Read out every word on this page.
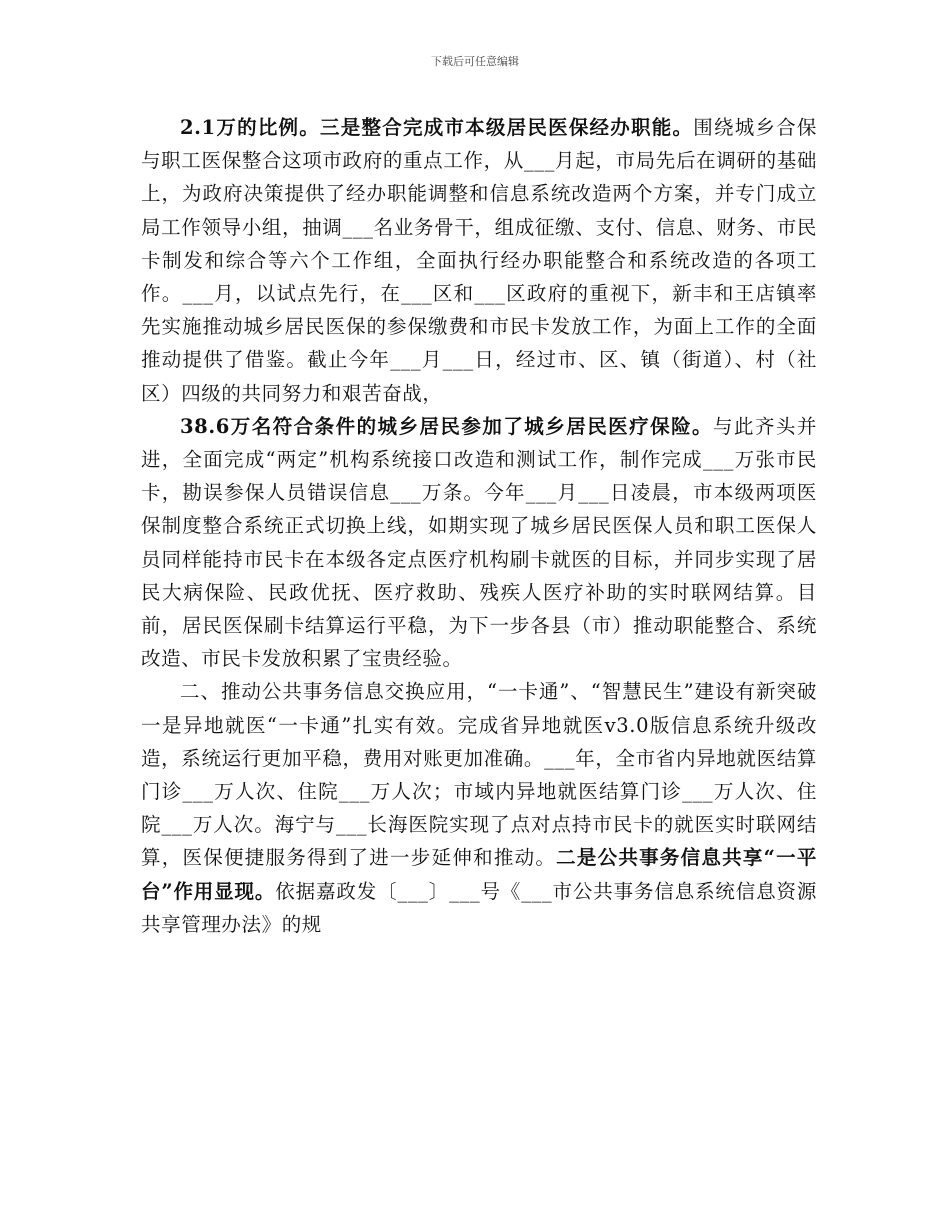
下载后可任意编辑

2.1万的比例。三是整合完成市本级居民医保经办职能。围绕城乡合保与职工医保整合这项市政府的重点工作，从___月起，市局先后在调研的基础上，为政府决策提供了经办职能调整和信息系统改造两个方案，并专门成立局工作领导小组，抽调___名业务骨干，组成征缴、支付、信息、财务、市民卡制发和综合等六个工作组，全面执行经办职能整合和系统改造的各项工作。___月，以试点先行，在___区和___区政府的重视下，新丰和王店镇率先实施推动城乡居民医保的参保缴费和市民卡发放工作，为面上工作的全面推动提供了借鉴。截止今年___月___日，经过市、区、镇（街道）、村（社区）四级的共同努力和艰苦奋战，

38.6万名符合条件的城乡居民参加了城乡居民医疗保险。与此齐头并进，全面完成“两定”机构系统接口改造和测试工作，制作完成___万张市民卡，勘误参保人员错误信息___万条。今年___月___日凌晨，市本级两项医保制度整合系统正式切换上线，如期实现了城乡居民医保人员和职工医保人员同样能持市民卡在本级各定点医疗机构刷卡就医的目标，并同步实现了居民大病保险、民政优抚、医疗救助、残疾人医疗补助的实时联网结算。目前，居民医保刷卡结算运行平稳，为下一步各县（市）推动职能整合、系统改造、市民卡发放积累了宝贵经验。

二、推动公共事务信息交换应用，“一卡通”、“智慧民生”建设有新突破一是异地就医“一卡通”扎实有效。完成省异地就医v3.0版信息系统升级改造，系统运行更加平稳，费用对账更加准确。___年，全市省内异地就医结算门诊___万人次、住院___万人次；市域内异地就医结算门诊___万人次、住院___万人次。海宁与___长海医院实现了点对点持市民卡的就医实时联网结算，医保便捷服务得到了进一步延伸和推动。二是公共事务信息共享“一平台”作用显现。依据嘉政发〔___〕___号《___市公共事务信息系统信息资源共享管理办法》的规
